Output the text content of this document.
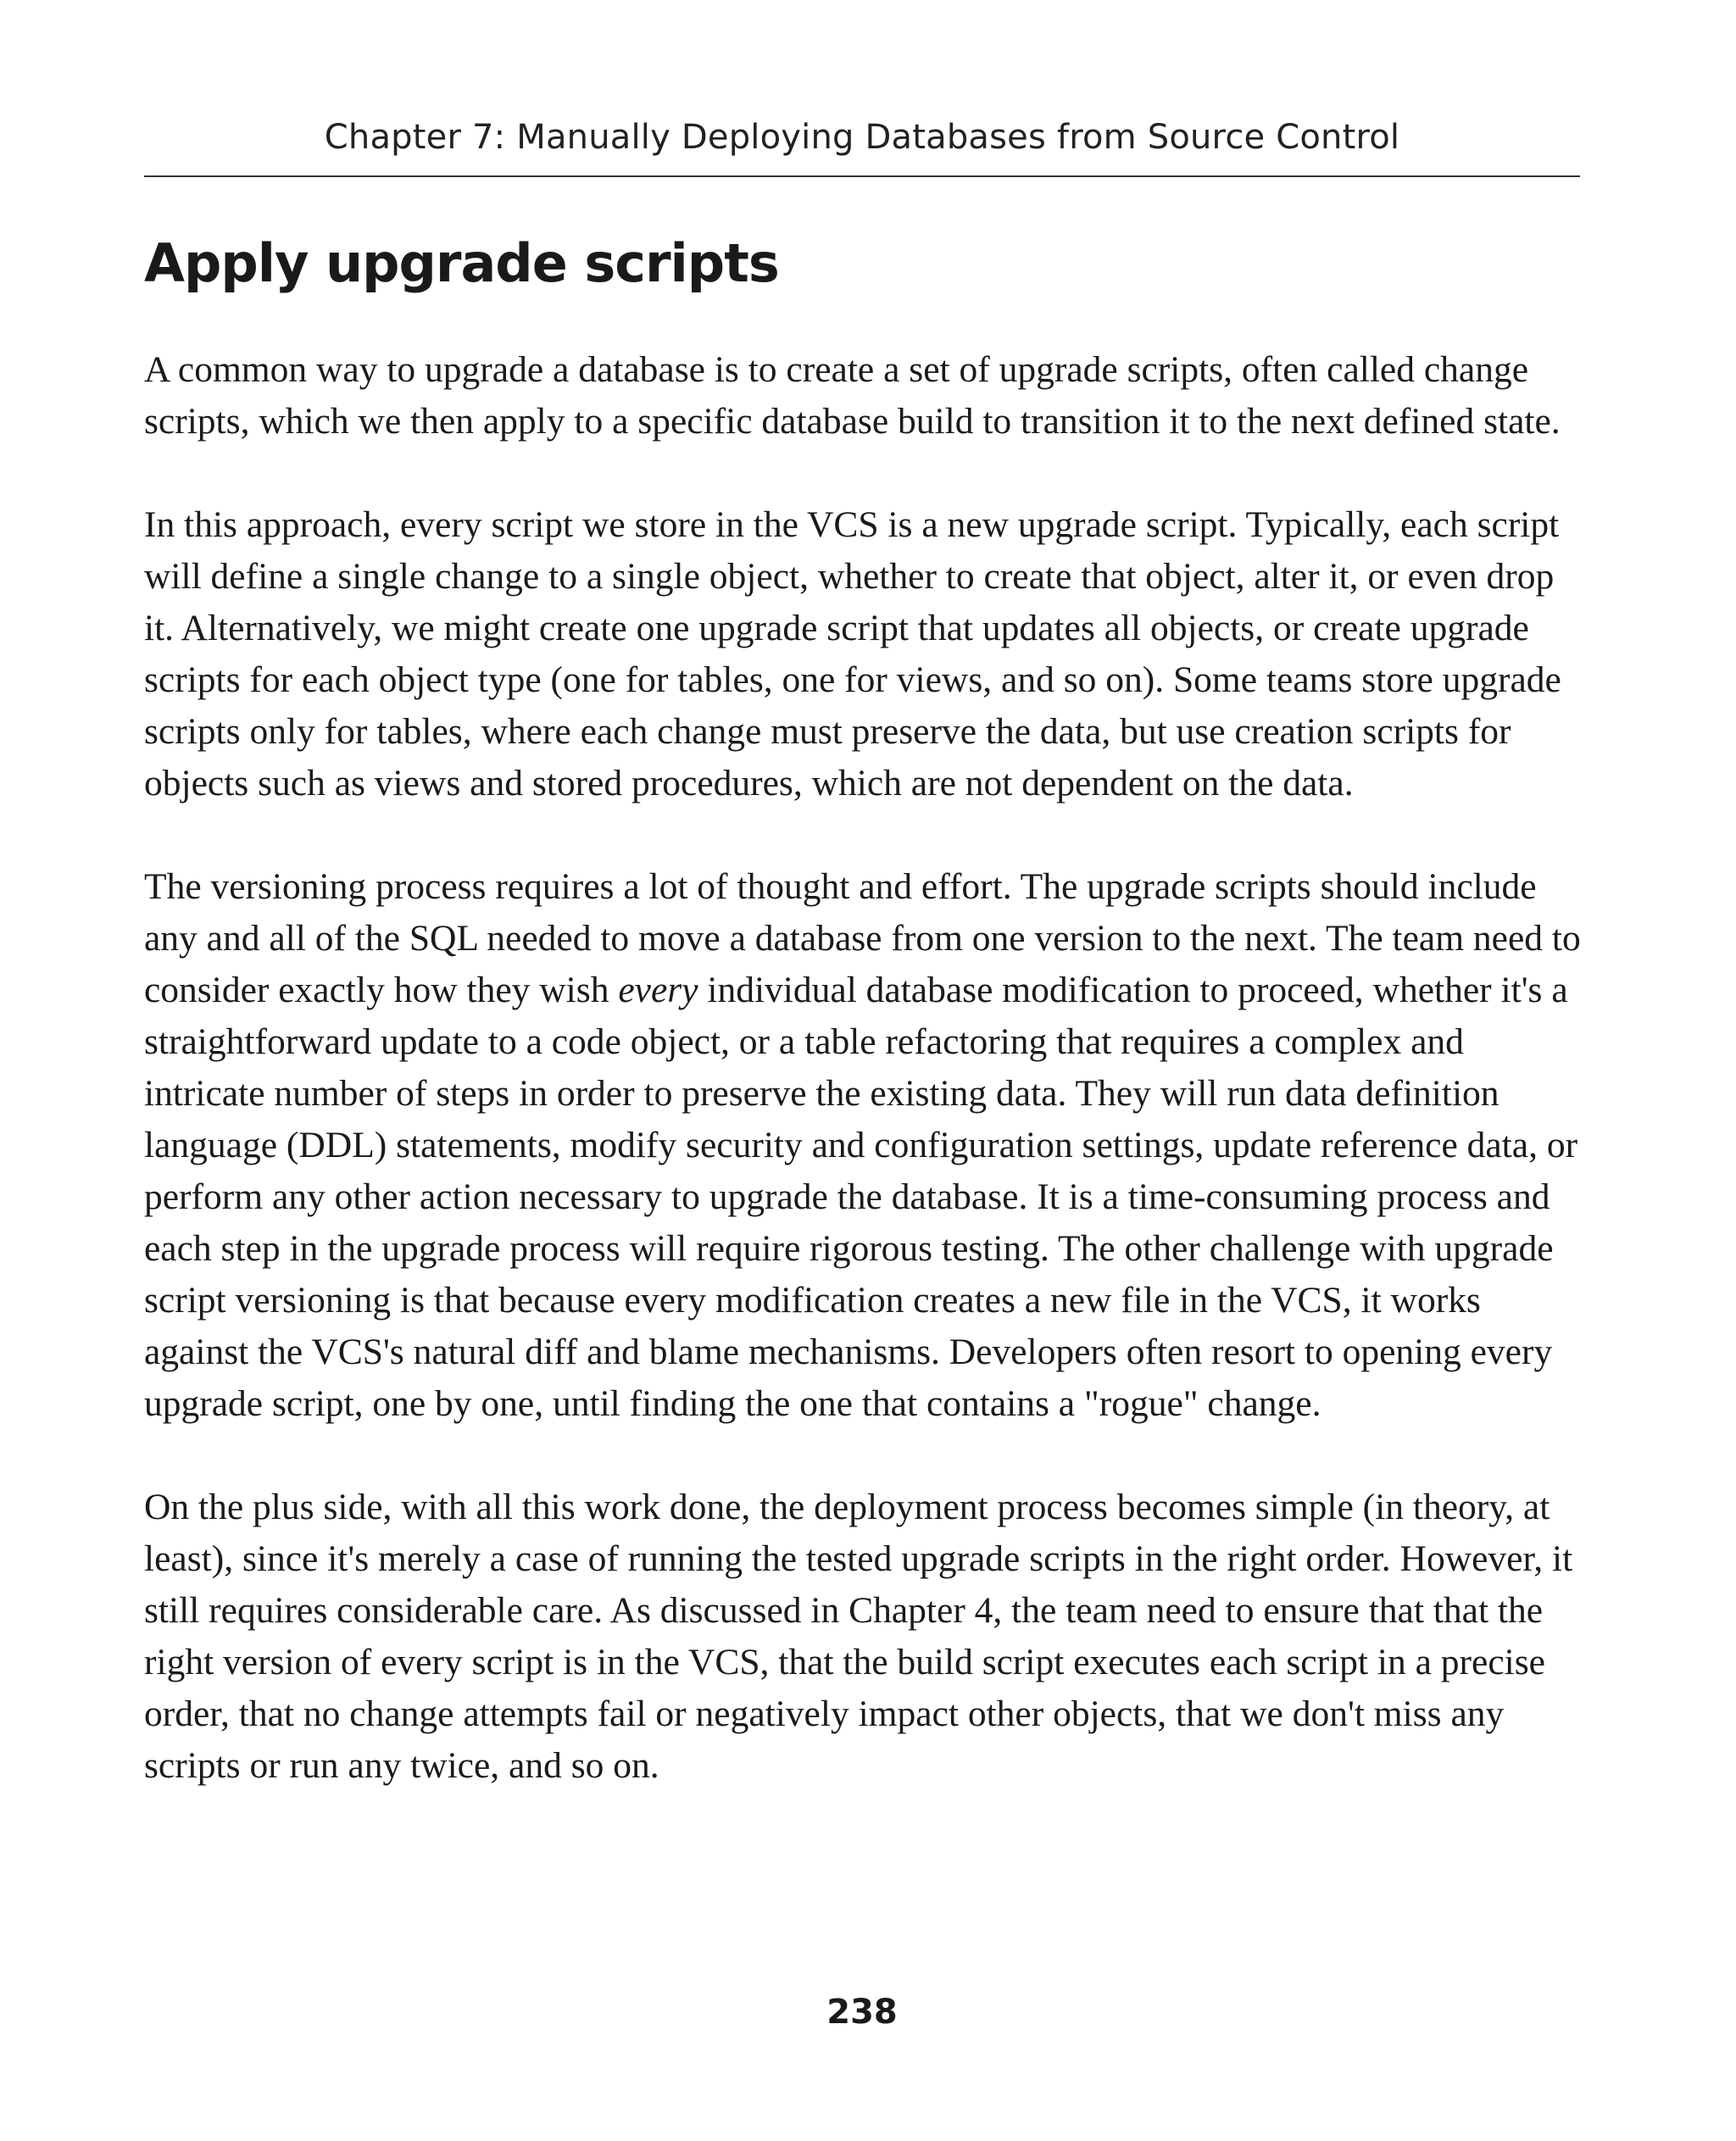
Chapter 7: Manually Deploying Databases from Source Control
Apply upgrade scripts

A common way to upgrade a database is to create a set of upgrade scripts, often called change scripts, which we then apply to a specific database build to transition it to the next defined state.

In this approach, every script we store in the VCS is a new upgrade script. Typically, each script will define a single change to a single object, whether to create that object, alter it, or even drop it. Alternatively, we might create one upgrade script that updates all objects, or create upgrade scripts for each object type (one for tables, one for views, and so on). Some teams store upgrade scripts only for tables, where each change must preserve the data, but use creation scripts for objects such as views and stored procedures, which are not dependent on the data.

The versioning process requires a lot of thought and effort. The upgrade scripts should include any and all of the SQL needed to move a database from one version to the next. The team need to consider exactly how they wish every individual database modification to proceed, whether it's a straightforward update to a code object, or a table refactoring that requires a complex and intricate number of steps in order to preserve the existing data. They will run data definition language (DDL) statements, modify security and configuration settings, update reference data, or perform any other action necessary to upgrade the database. It is a time-consuming process and each step in the upgrade process will require rigorous testing. The other challenge with upgrade script versioning is that because every modification creates a new file in the VCS, it works against the VCS's natural diff and blame mechanisms. Developers often resort to opening every upgrade script, one by one, until finding the one that contains a "rogue" change.

On the plus side, with all this work done, the deployment process becomes simple (in theory, at least), since it's merely a case of running the tested upgrade scripts in the right order. However, it still requires considerable care. As discussed in Chapter 4, the team need to ensure that that the right version of every script is in the VCS, that the build script executes each script in a precise order, that no change attempts fail or negatively impact other objects, that we don't miss any scripts or run any twice, and so on.

238
